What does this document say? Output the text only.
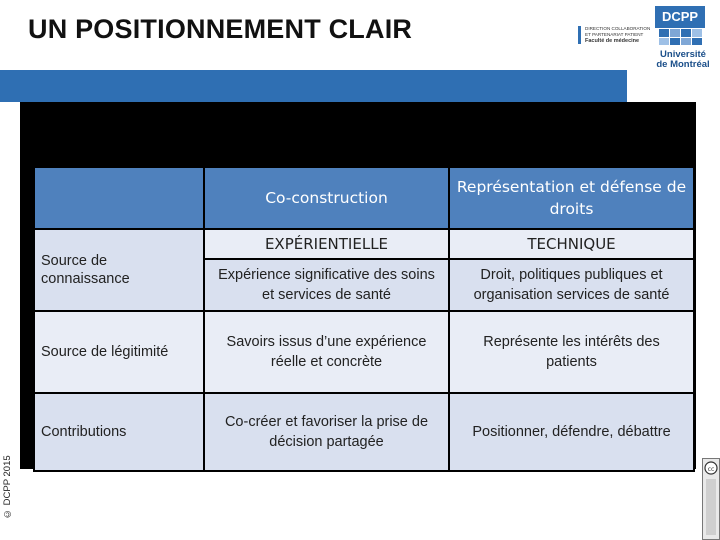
UN POSITIONNEMENT CLAIR	DIRECTION COLLABORATION
ET PARTENARIAT PATIENT
Faculté de médecine
DCPP
Université
de Montréal
	Co-construction	Représentation et défense de droits
Source de connaissance	EXPÉRIENTIELLE	TECHNIQUE
	Expérience significative des soins et services de santé	Droit, politiques publiques et organisation services de santé
Source de légitimité	Savoirs issus d’une expérience réelle et concrète	Représente les intérêts des patients
Contributions	Co-créer et favoriser la prise de décision partagée	Positionner, défendre, débattre
© DCPP 2015	cc
